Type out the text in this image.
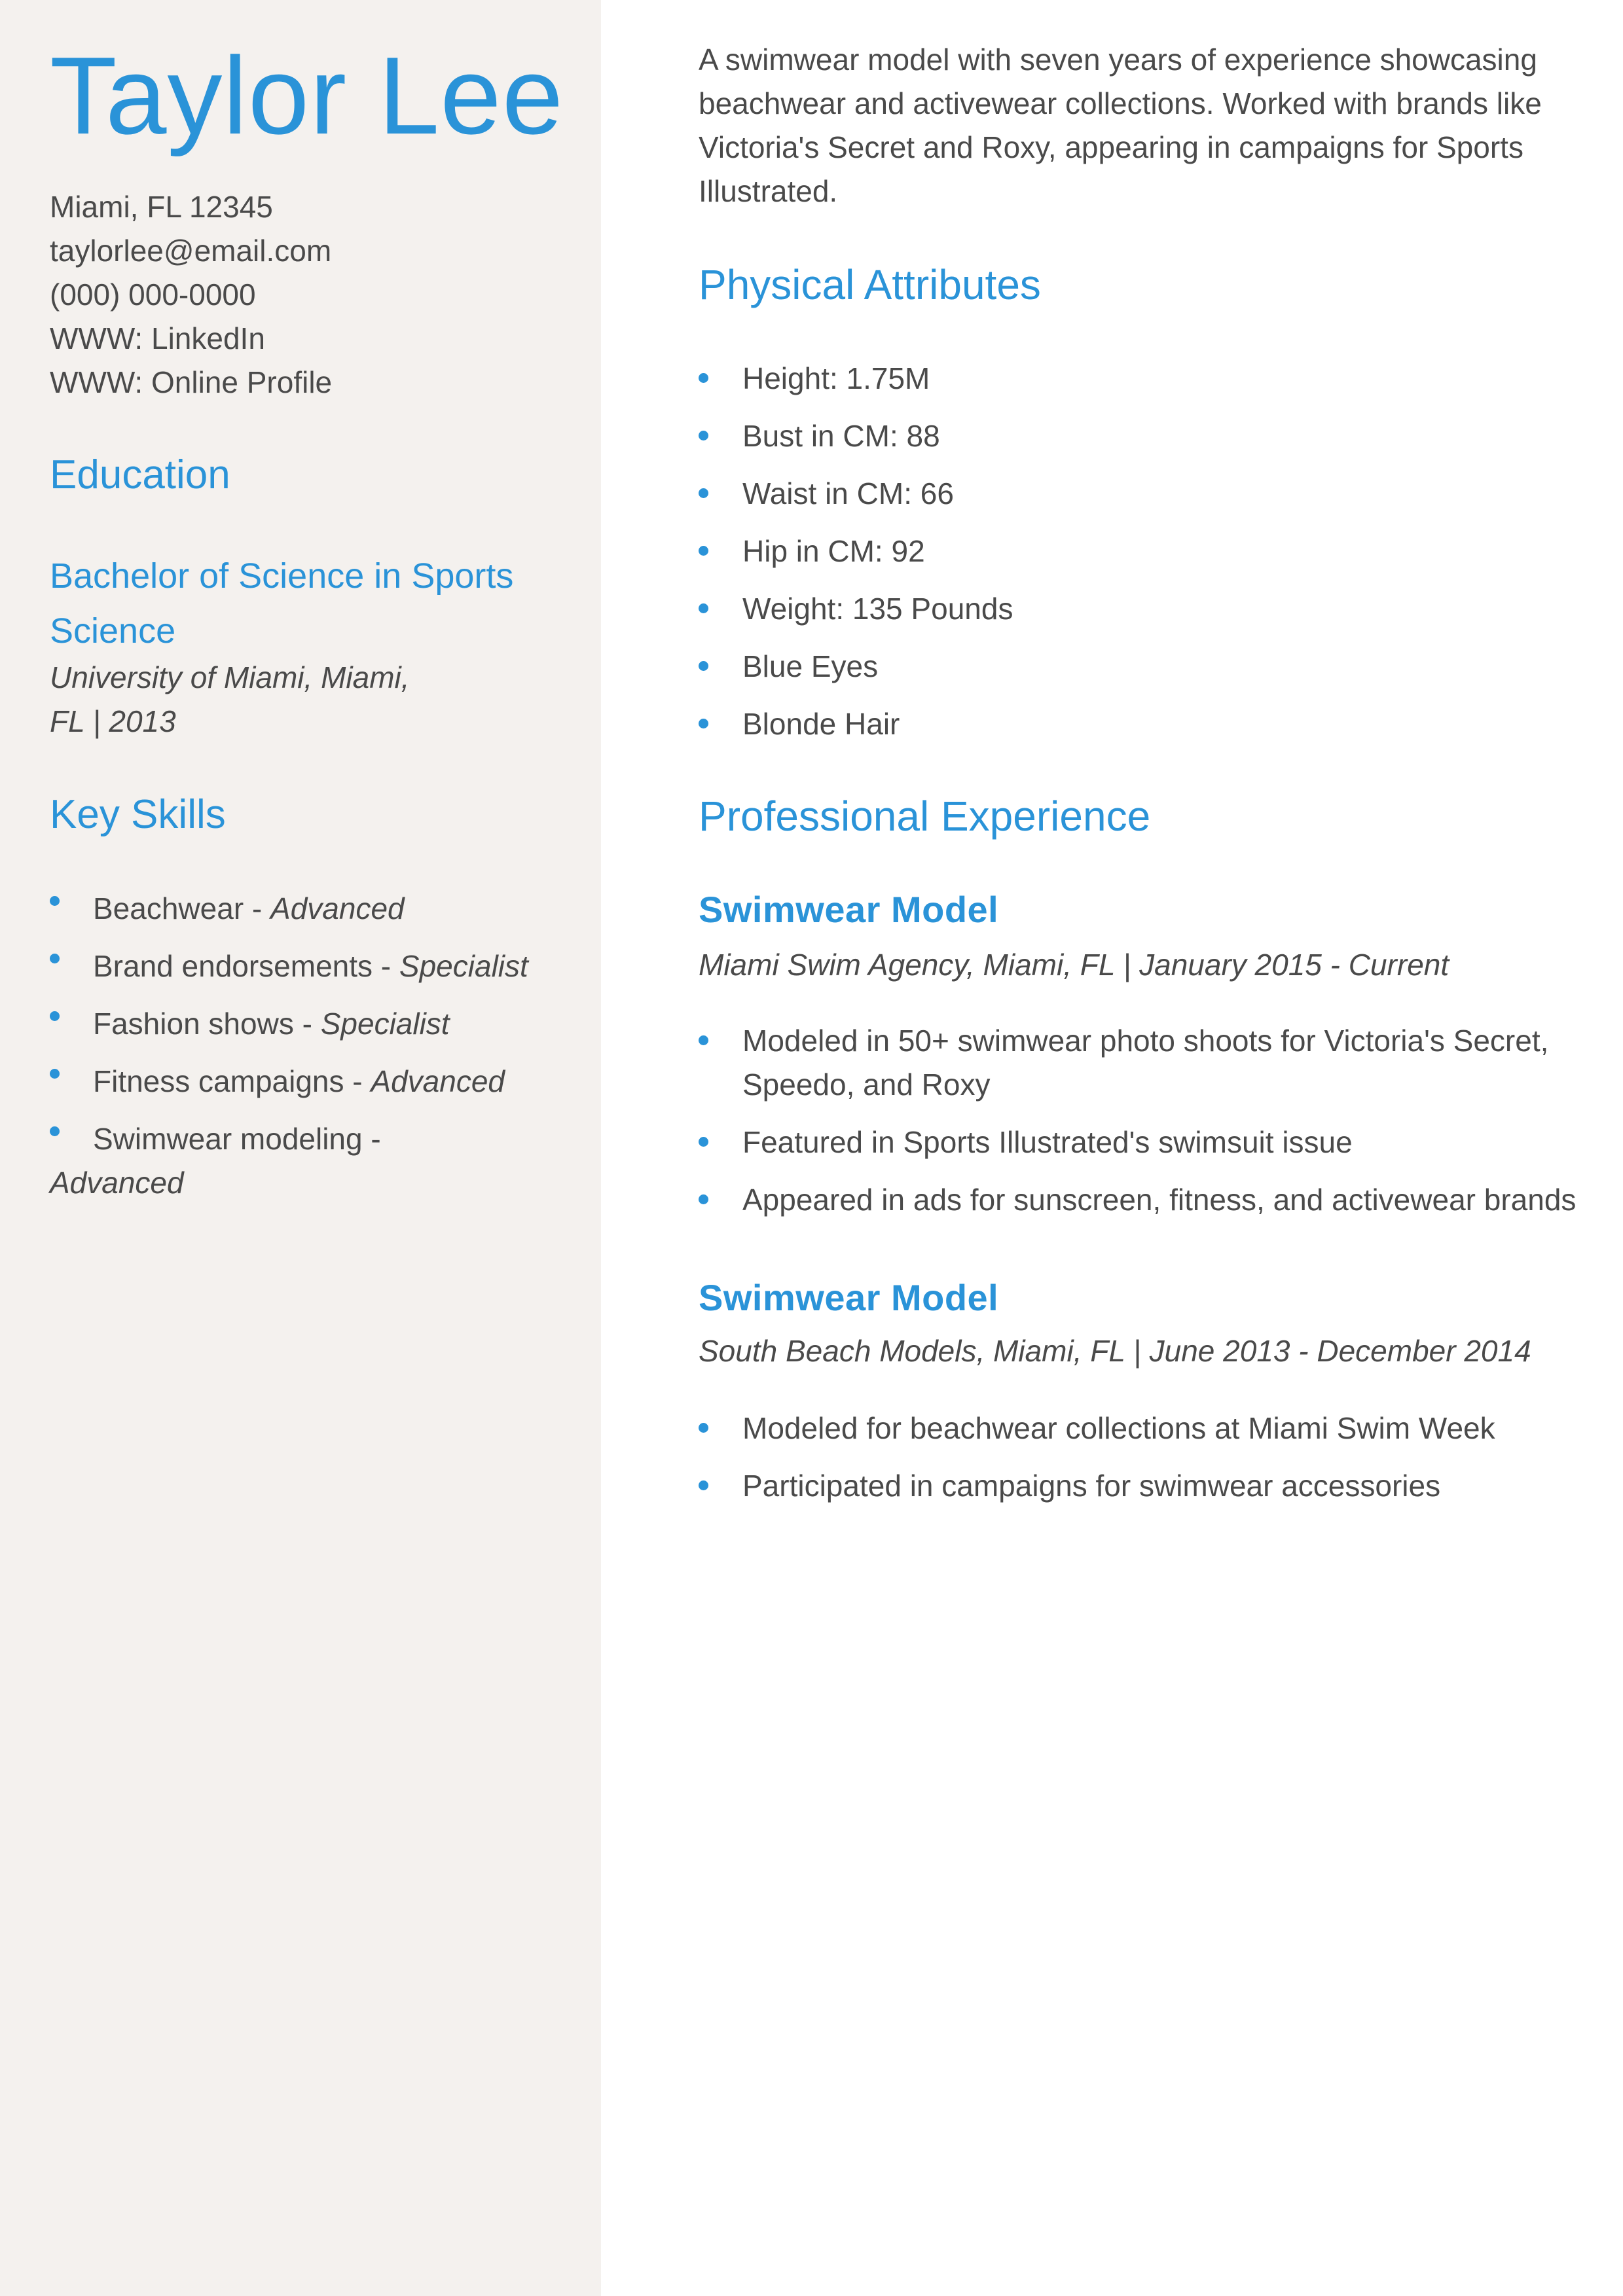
Taylor Lee
Miami, FL 12345
taylorlee@email.com
(000) 000-0000
WWW: LinkedIn
WWW: Online Profile
Education
Bachelor of Science in Sports Science
University of Miami, Miami,
FL | 2013
Key Skills
Beachwear - Advanced
Brand endorsements - Specialist
Fashion shows - Specialist
Fitness campaigns - Advanced
Swimwear modeling -
Advanced
A swimwear model with seven years of experience showcasing beachwear and activewear collections. Worked with brands like Victoria's Secret and Roxy, appearing in campaigns for Sports Illustrated.
Physical Attributes
Height: 1.75M
Bust in CM: 88
Waist in CM: 66
Hip in CM: 92
Weight: 135 Pounds
Blue Eyes
Blonde Hair
Professional Experience
Swimwear Model
Miami Swim Agency, Miami, FL | January 2015 - Current
Modeled in 50+ swimwear photo shoots for Victoria's Secret, Speedo, and Roxy
Featured in Sports Illustrated's swimsuit issue
Appeared in ads for sunscreen, fitness, and activewear brands
Swimwear Model
South Beach Models, Miami, FL | June 2013 - December 2014
Modeled for beachwear collections at Miami Swim Week
Participated in campaigns for swimwear accessories
